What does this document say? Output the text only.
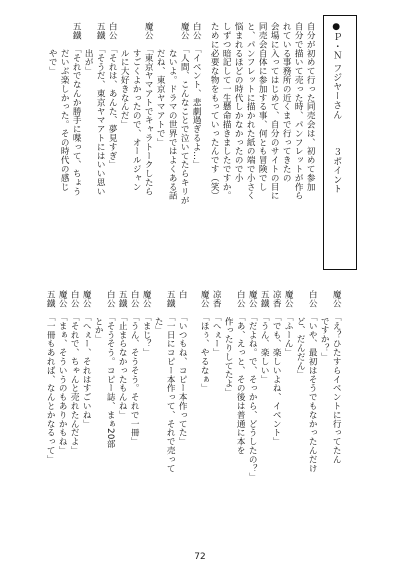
●Ｐ・Ｎ フジヤーさん　　　３ポイント
自分が初めて行った同売会は、初めて参加
自分で描いて売った時、パンフレットが作ら
れている事務所の近くまで行ってきたの
会場に入ってはじめて、自分のサイトの目に
同売会自体に参加する事、何とも冒険でし
と、パンフレットに描かれた紙の端で小さく
悩まれるほどの時代しかなかったので小
しずつ暗記して一生懸命描きましたですか。
ために必要な物をもっていったんです（笑）
白公　「イベント、悲劇過ぎるよ…」
魔公　「人間、こんなことで泣いてたらキリが
　　　ないよ。ドラマの世界ではよくある話
　　　だね、東京ヤマアトで」
魔公　「東京ヤマアトでキャラトークしたら
　　　すごくよかったので、オールジャン
　　　ルに大好きなんだ」
白公　「それは、あんた、夢見すぎ」
五鐵　「そうだ、東京ヤマアトにはいい思い
　　　出が」
五鐵　「それでなんか勝手に喋って、ちょう
　　　だいぶ楽しかった。その時代の感じ
　　　やで」
魔公　「え？ひたすらイベントに行ってたん
　　　ですか？」
白公　「いや、最初はそうでもなかったんだけ
　　　ど、だんだん」
魔公　「ふーん」
凉香　「でも、楽しいよね、イベント」
五鐵　「うん、楽しい」
魔公　「だよね。で、そっから、どうしたの？」
白公　「あ、えっと、その後は普通に本を
　　　作ったりしてたよ」
凉香　「へぇー」
魔公　「ほぅ、やるなぁ」
白　　「いつもね、コピー本作ってた」
五鐵　「一日にコピー本作って、それで売って
　　　た」
魔公　「まじ？」
白公　「うん、そうそう。それで一冊」
五鐵　「止まらなかったもんね」
白公　「そうそう。コピー誌、まぁ20部
　　　とか」
魔公　「へぇー、それはすごいね」
白公　「それで、ちゃんと売れたんだよ」
魔公　「まぁ、そういうのもありかもね」
五鐵　「一冊もあれば、なんとかなるって」
72
